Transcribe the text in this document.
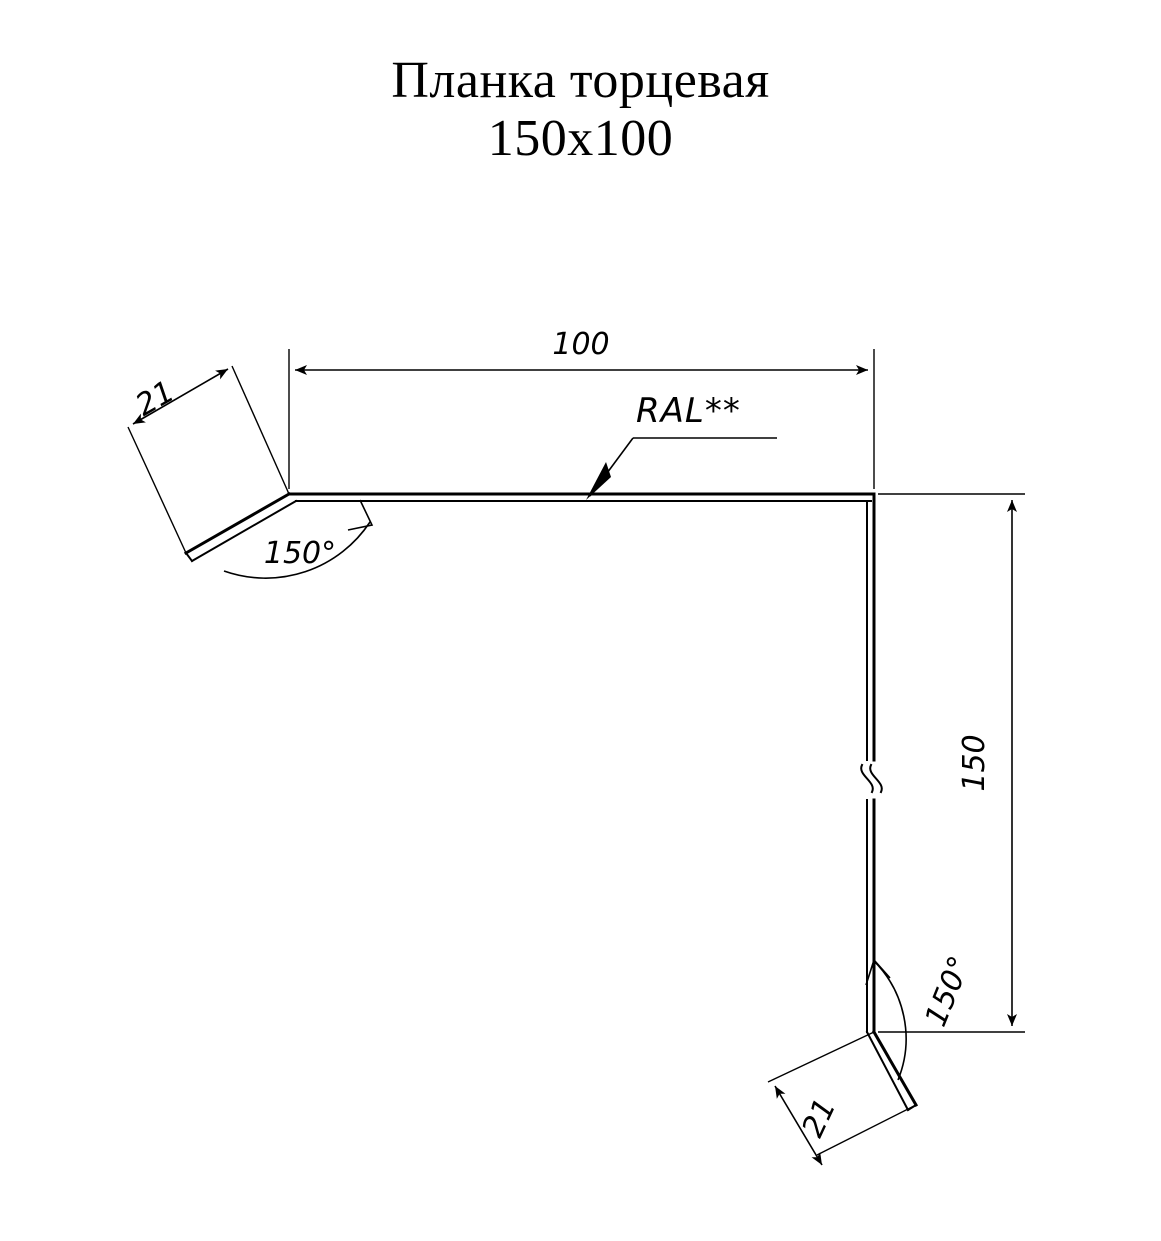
Планка торцевая
150x100
100
150
21
21
150°
150°
RAL**
